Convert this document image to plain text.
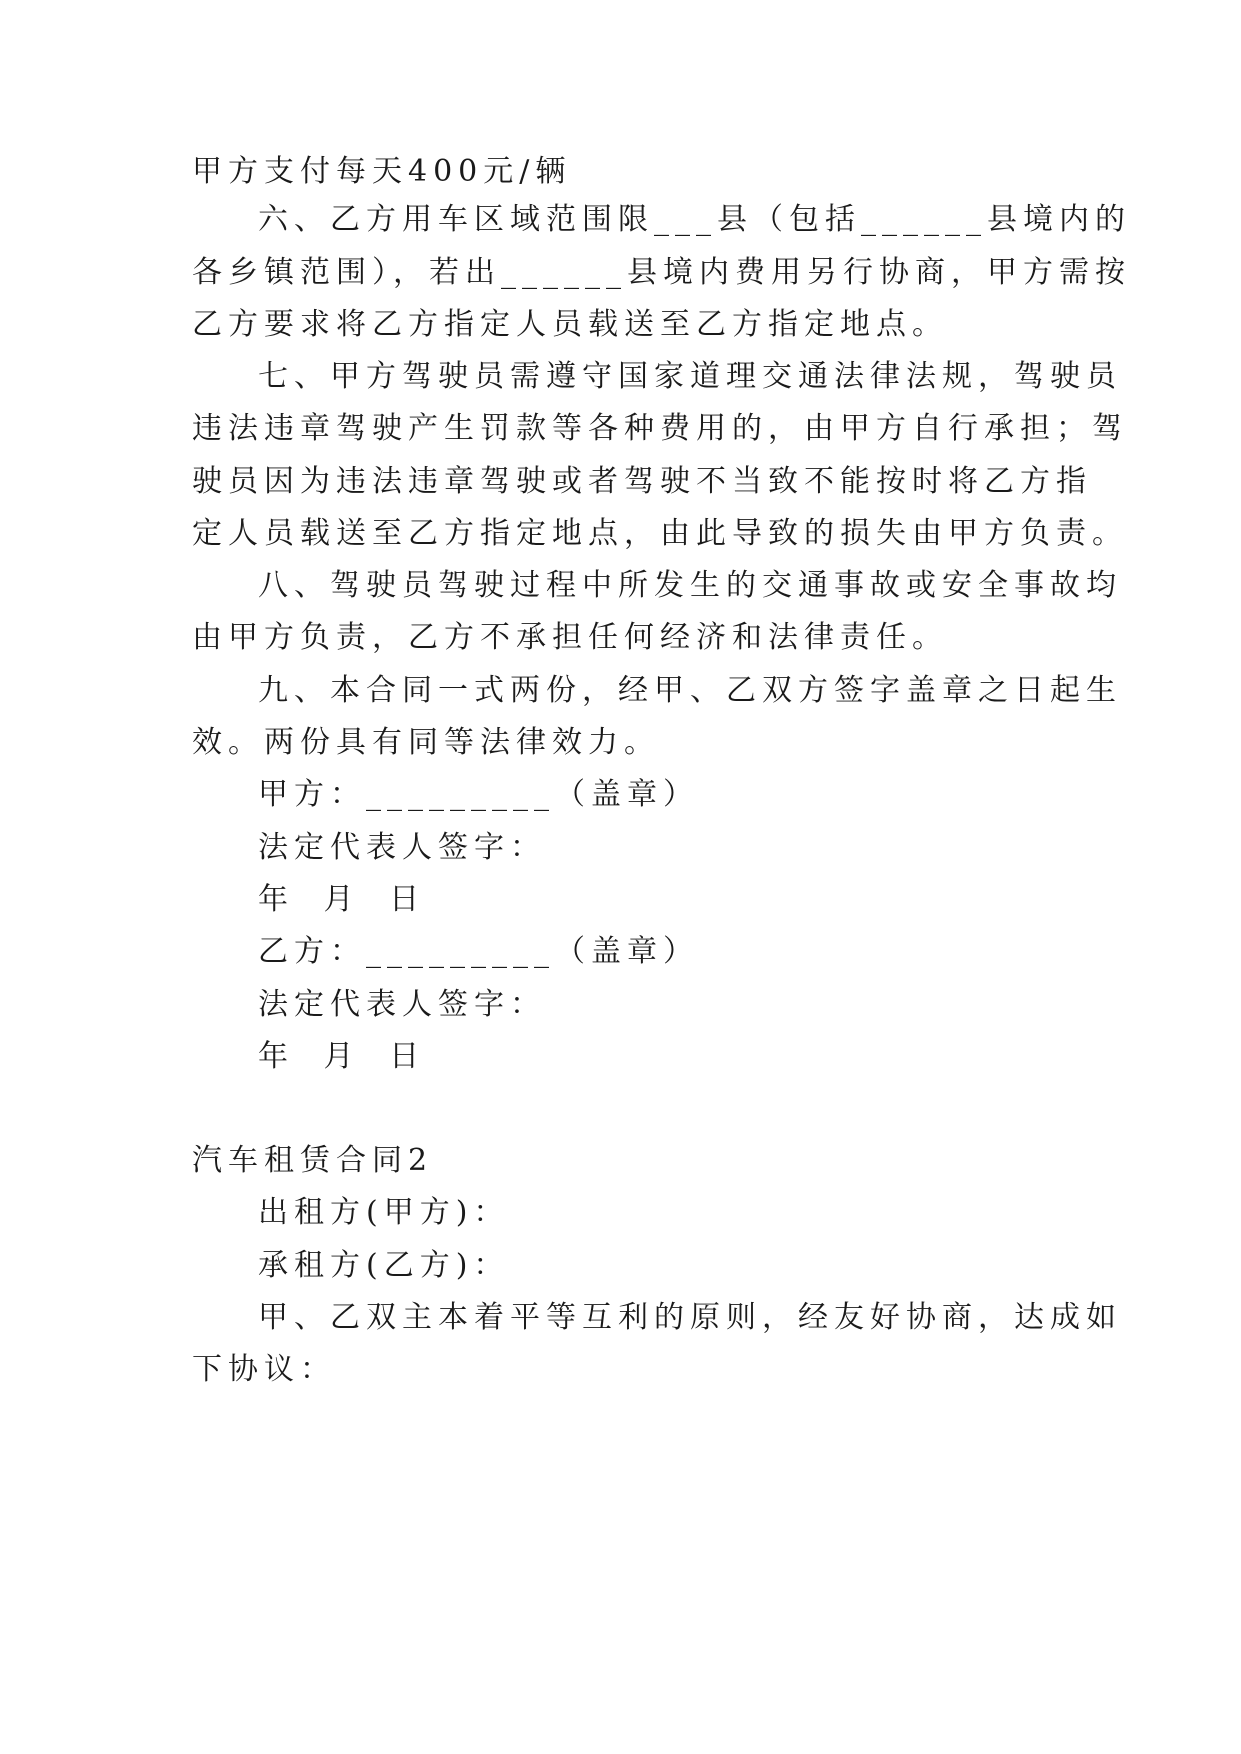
甲方支付每天400元/辆
六、乙方用车区域范围限___县（包括______县境内的
各乡镇范围），若出______县境内费用另行协商，甲方需按
乙方要求将乙方指定人员载送至乙方指定地点。
七、甲方驾驶员需遵守国家道理交通法律法规，驾驶员
违法违章驾驶产生罚款等各种费用的，由甲方自行承担；驾
驶员因为违法违章驾驶或者驾驶不当致不能按时将乙方指
定人员载送至乙方指定地点，由此导致的损失由甲方负责。
八、驾驶员驾驶过程中所发生的交通事故或安全事故均
由甲方负责，乙方不承担任何经济和法律责任。
九、本合同一式两份，经甲、乙双方签字盖章之日起生
效。两份具有同等法律效力。
甲方：_________（盖章）
法定代表人签字：
年 月 日
乙方：_________（盖章）
法定代表人签字：
年 月 日
汽车租赁合同2
出租方(甲方)：
承租方(乙方)：
甲、乙双主本着平等互利的原则，经友好协商，达成如
下协议：
